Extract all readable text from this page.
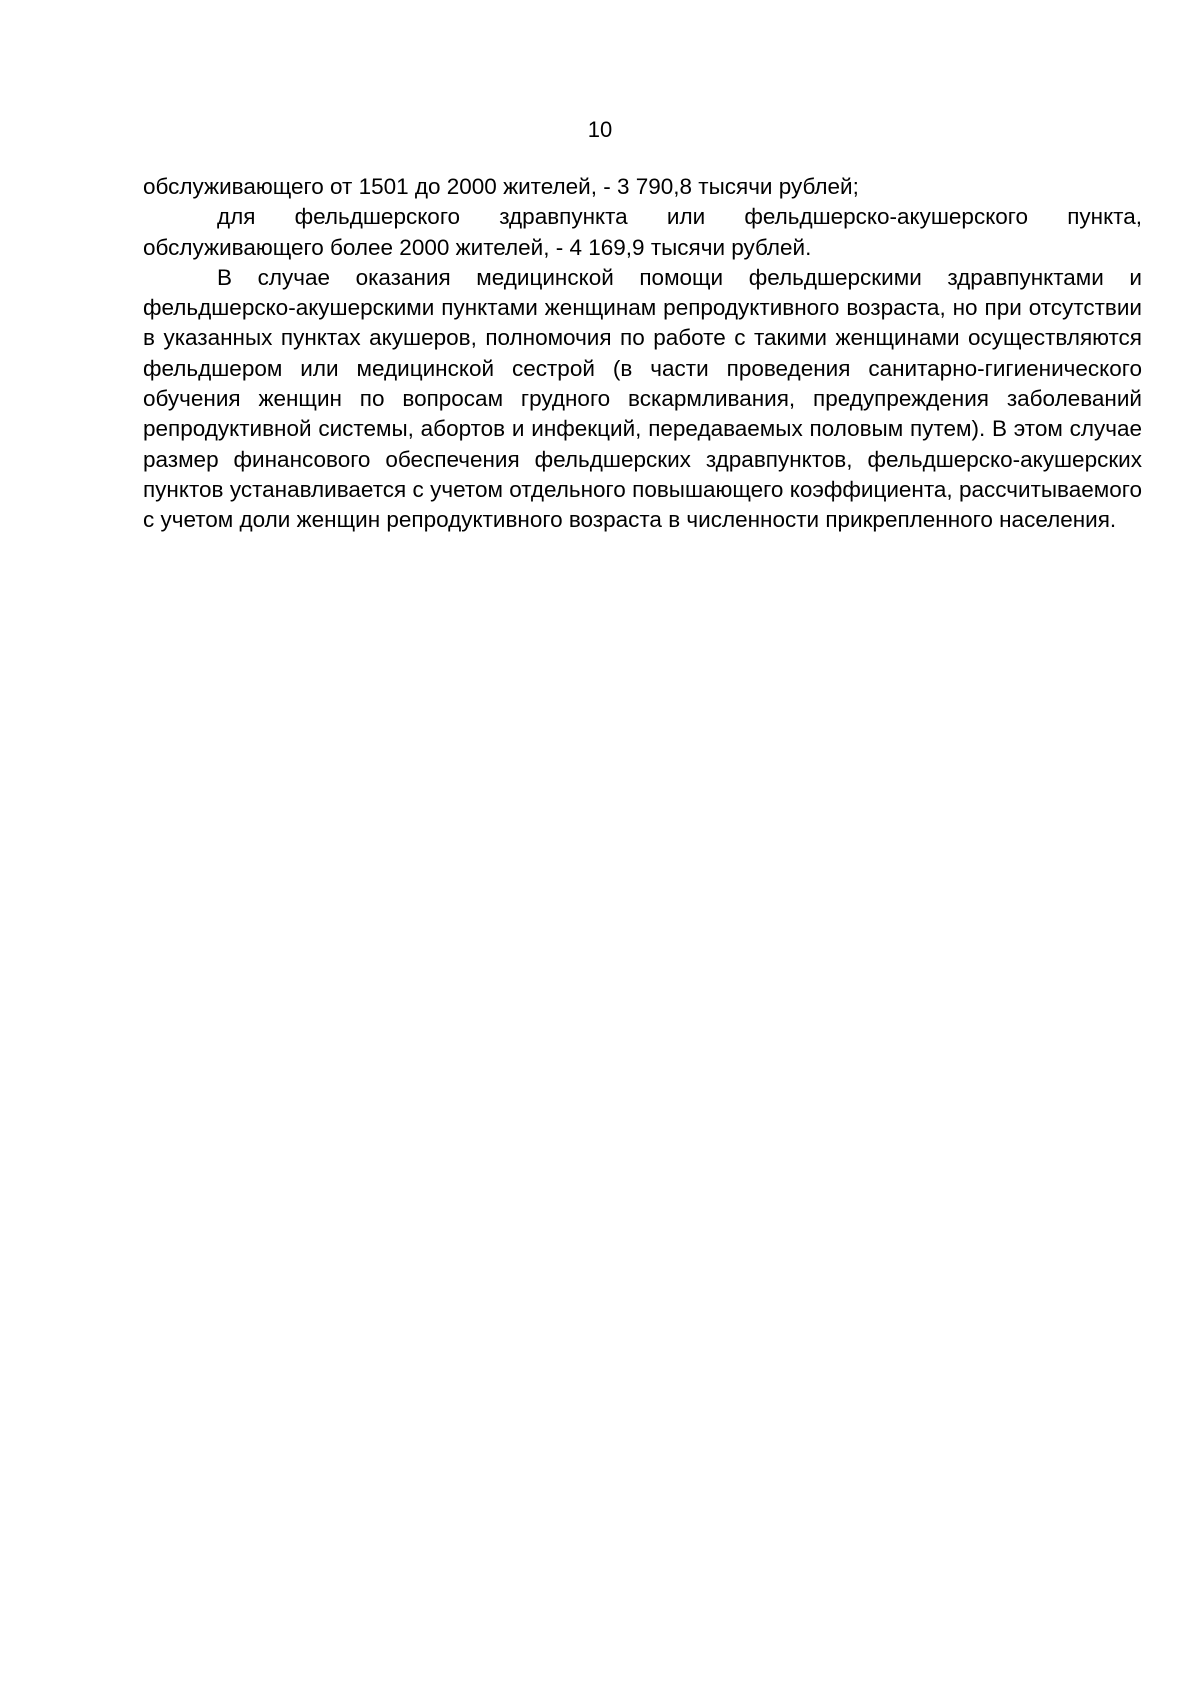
10

обслуживающего от 1501 до 2000 жителей, - 3 790,8 тысячи рублей;

для фельдшерского здравпункта или фельдшерско-акушерского пункта, обслуживающего более 2000 жителей, - 4 169,9 тысячи рублей.

В случае оказания медицинской помощи фельдшерскими здравпунктами и фельдшерско-акушерскими пунктами женщинам репродуктивного возраста, но при отсутствии в указанных пунктах акушеров, полномочия по работе с такими женщинами осуществляются фельдшером или медицинской сестрой (в части проведения санитарно-гигиенического обучения женщин по вопросам грудного вскармливания, предупреждения заболеваний репродуктивной системы, абортов и инфекций, передаваемых половым путем). В этом случае размер финансового обеспечения фельдшерских здравпунктов, фельдшерско-акушерских пунктов устанавливается с учетом отдельного повышающего коэффициента, рассчитываемого с учетом доли женщин репродуктивного возраста в численности прикрепленного населения.
